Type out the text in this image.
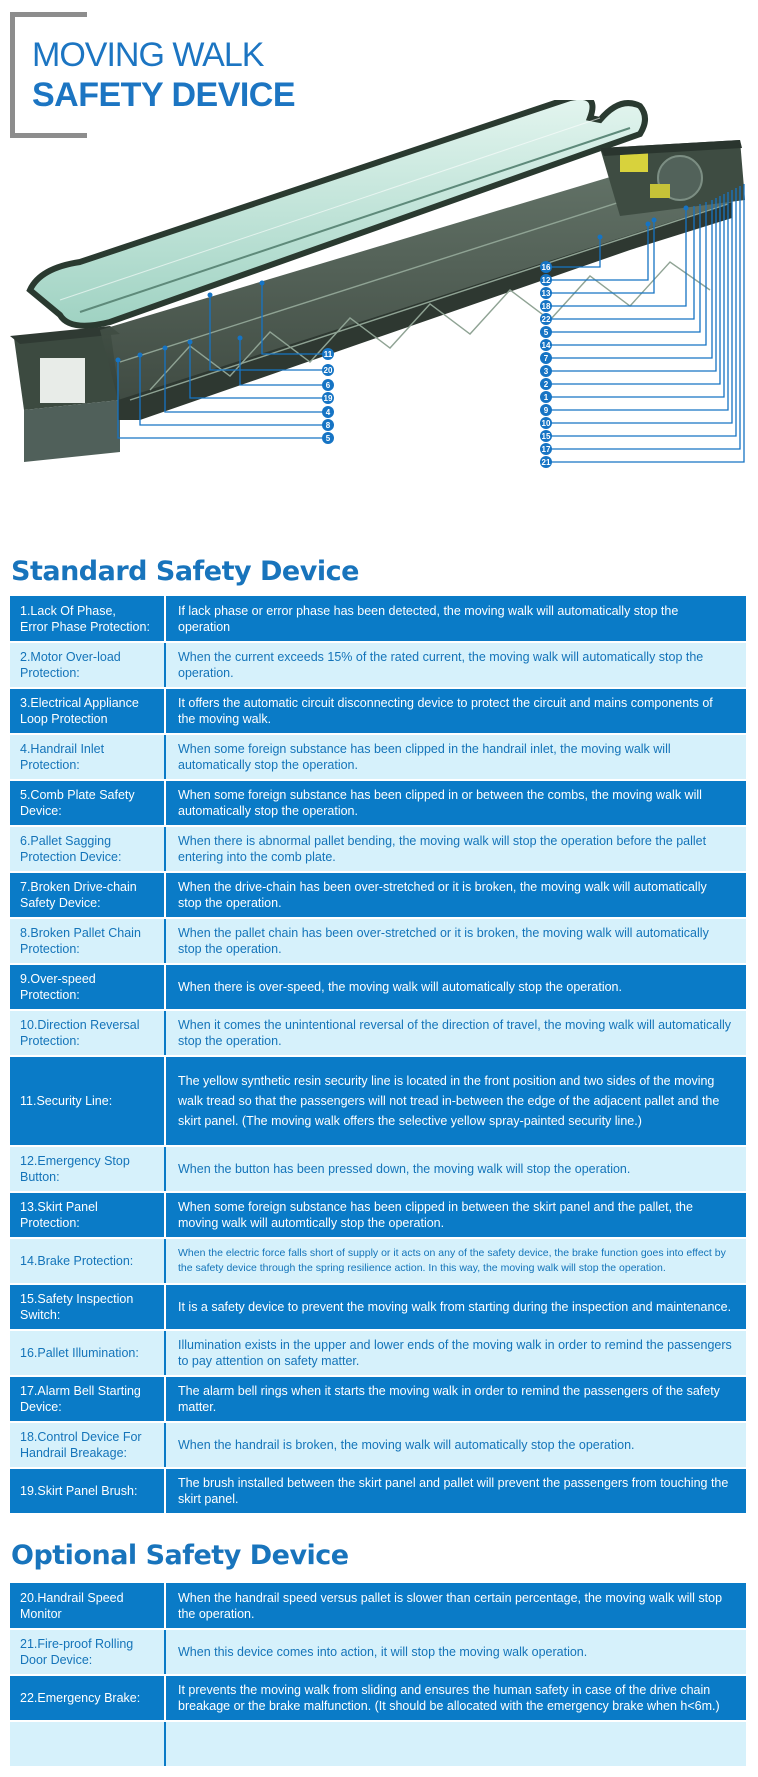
MOVING WALK
SAFETY DEVICE
11
20
6
19
4
8
5
16
12
13
18
22
5
14
7
3
2
1
9
10
15
17
21
Standard Safety Device
1.Lack Of Phase,
Error Phase Protection:	If lack phase or error phase has been detected, the moving walk will automatically stop the operation
2.Motor Over-load Protection:	When the current exceeds 15% of the rated current, the moving walk will automatically stop the operation.
3.Electrical Appliance Loop Protection	It offers the automatic circuit disconnecting device to protect the circuit and mains components of the moving walk.
4.Handrail Inlet Protection:	When some foreign substance has been clipped in the handrail inlet, the moving walk will automatically stop the operation.
5.Comb Plate Safety Device:	When some foreign substance has been clipped in or between the combs, the moving walk will automatically stop the operation.
6.Pallet Sagging Protection Device:	When there is abnormal pallet bending, the moving walk will stop the operation before the pallet entering into the comb plate.
7.Broken Drive-chain Safety Device:	When the drive-chain has been over-stretched or it is broken, the moving walk will automatically stop the operation.
8.Broken Pallet Chain Protection:	When the pallet chain has been over-stretched or it is broken, the moving walk will automatically stop the operation.
9.Over-speed Protection:	When there is over-speed, the moving walk will automatically stop the operation.
10.Direction Reversal Protection:	When it comes the unintentional reversal of the direction of travel, the moving walk will automatically stop the operation.
11.Security Line:	The yellow synthetic resin security line is located in the front position and two sides of the moving walk tread so that the passengers will not tread in-between the edge of the adjacent pallet and the skirt panel. (The moving walk offers the selective yellow spray-painted security line.)
12.Emergency Stop Button:	When the button has been pressed down, the moving walk will stop the operation.
13.Skirt Panel Protection:	When some foreign substance has been clipped in between the skirt panel and the pallet, the moving walk will automtically stop the operation.
14.Brake Protection:	When the electric force falls short of supply or it acts on any of the safety device, the brake function goes into effect by the safety device through the spring resilience action. In this way, the moving walk will stop the operation.
15.Safety Inspection Switch:	It is a safety device to prevent the moving walk from starting during the inspection and maintenance.
16.Pallet Illumination:	Illumination exists in the upper and lower ends of the moving walk in order to remind the passengers to pay attention on safety matter.
17.Alarm Bell Starting Device:	The alarm bell rings when it starts the moving walk in order to remind the passengers of the safety matter.
18.Control Device For Handrail Breakage:	When the handrail is broken, the moving walk will automatically stop the operation.
19.Skirt Panel Brush:	The brush installed between the skirt panel and pallet will prevent the passengers from touching the skirt panel.
Optional Safety Device
20.Handrail Speed Monitor	When the handrail speed versus pallet is slower than certain percentage, the moving walk will stop the operation.
21.Fire-proof Rolling Door Device:	When this device comes into action, it will stop the moving walk operation.
22.Emergency Brake:	It prevents the moving walk from sliding and ensures the human safety in case of the drive chain breakage or the brake malfunction. (It should be allocated with the emergency brake when h<6m.)
